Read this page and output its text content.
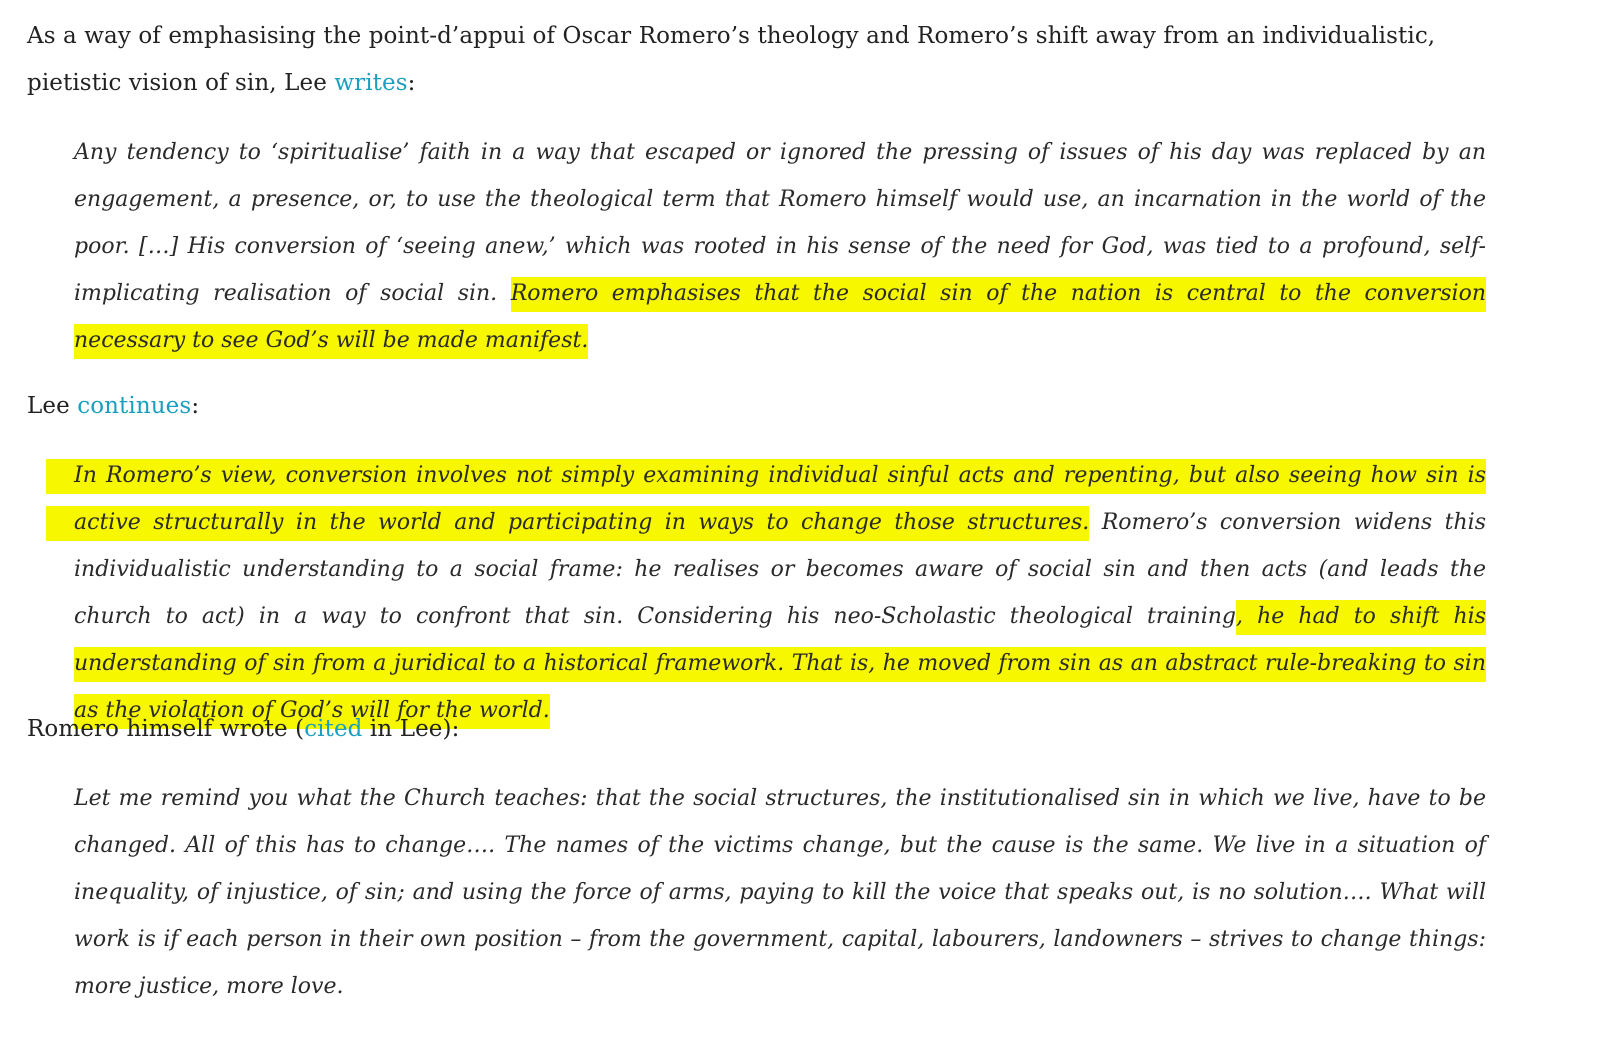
As a way of emphasising the point-d’appui of Oscar Romero’s theology and Romero’s shift away from an individualistic, pietistic vision of sin, Lee writes:

Any tendency to ‘spiritualise’ faith in a way that escaped or ignored the pressing of issues of his day was replaced by an engagement, a presence, or, to use the theological term that Romero himself would use, an incarnation in the world of the poor. […] His conversion of ‘seeing anew,’ which was rooted in his sense of the need for God, was tied to a profound, self-implicating realisation of social sin. Romero emphasises that the social sin of the nation is central to the conversion necessary to see God’s will be made manifest.

Lee continues:

In Romero’s view, conversion involves not simply examining individual sinful acts and repenting, but also seeing how sin is active structurally in the world and participating in ways to change those structures. Romero’s conversion widens this individualistic understanding to a social frame: he realises or becomes aware of social sin and then acts (and leads the church to act) in a way to confront that sin. Considering his neo-Scholastic theological training, he had to shift his understanding of sin from a juridical to a historical framework. That is, he moved from sin as an abstract rule-breaking to sin as the violation of God’s will for the world.

Romero himself wrote (cited in Lee):

Let me remind you what the Church teaches: that the social structures, the institutionalised sin in which we live, have to be changed. All of this has to change…. The names of the victims change, but the cause is the same. We live in a situation of inequality, of injustice, of sin; and using the force of arms, paying to kill the voice that speaks out, is no solution…. What will work is if each person in their own position – from the government, capital, labourers, landowners – strives to change things: more justice, more love.
